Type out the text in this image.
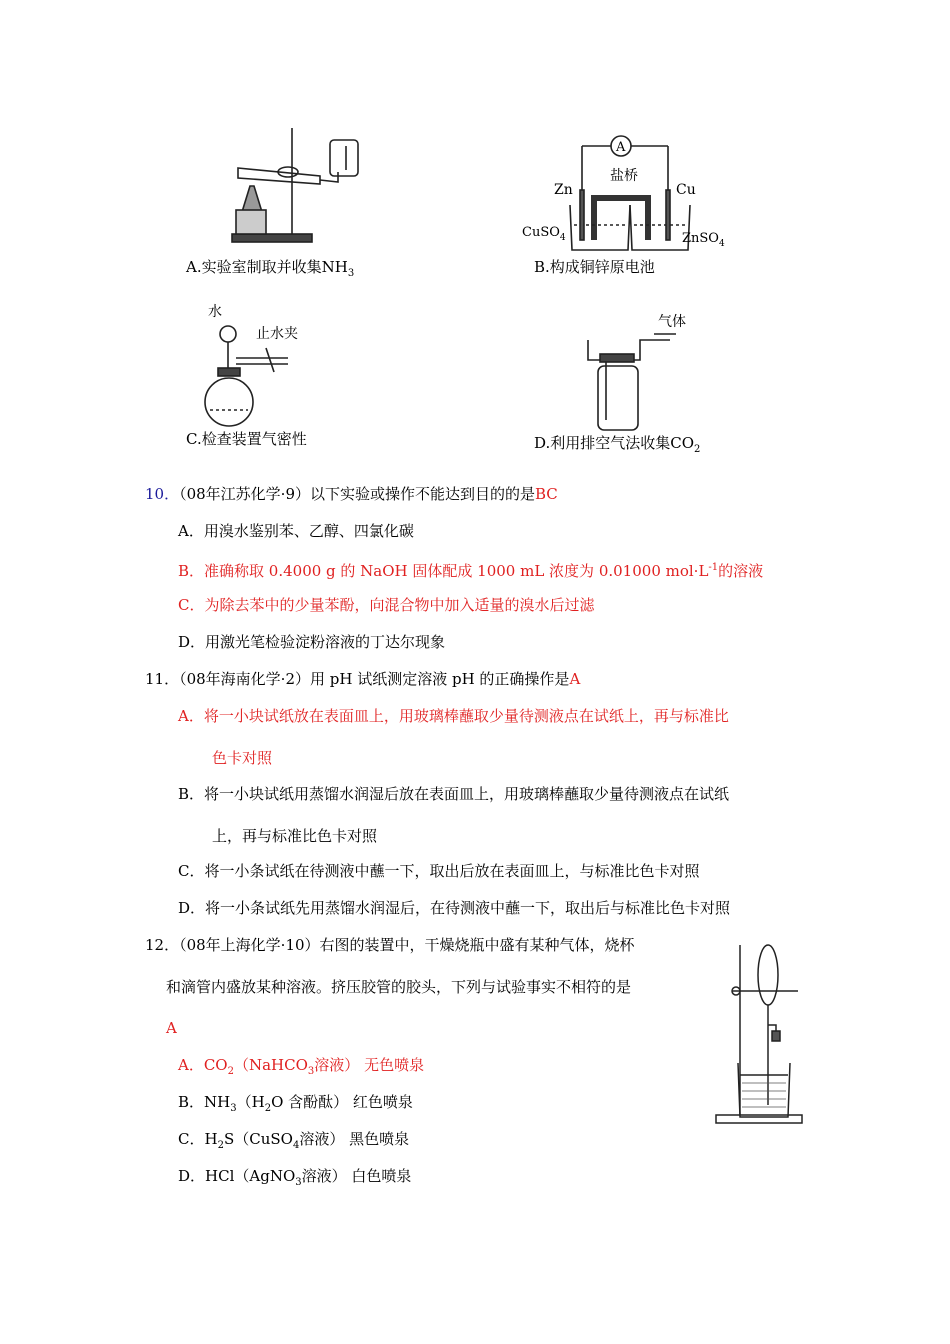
A.实验室制取并收集$NH_3$	B.构成铜锌原电池
C.检查装置气密性	D.利用排空气法收集$CO_2$
A
盐桥
Zn	Cu
CuSO$_4$	ZnSO$_4$
水
止水夹
气体
10．（08年江苏化学·9）以下实验或操作不能达到目的的是BC
A．用溴水鉴别苯、乙醇、四氯化碳
B．准确称取 0.4000 g 的 NaOH 固体配成 1000 mL 浓度为 0.01000 $mol\cdot L^{-1}$的溶液
C．为除去苯中的少量苯酚，向混合物中加入适量的溴水后过滤
D．用激光笔检验淀粉溶液的丁达尔现象
11．（08年海南化学·2）用 pH 试纸测定溶液 pH 的正确操作是A
A．将一小块试纸放在表面皿上，用玻璃棒蘸取少量待测液点在试纸上，再与标准比
色卡对照
B．将一小块试纸用蒸馏水润湿后放在表面皿上，用玻璃棒蘸取少量待测液点在试纸
上，再与标准比色卡对照
C．将一小条试纸在待测液中蘸一下，取出后放在表面皿上，与标准比色卡对照
D．将一小条试纸先用蒸馏水润湿后，在待测液中蘸一下，取出后与标准比色卡对照
12．（08年上海化学·10）右图的装置中，干燥烧瓶中盛有某种气体，烧杯
和滴管内盛放某种溶液。挤压胶管的胶头，下列与试验事实不相符的是
A
A．$CO_2(NaHCO_3$溶液） 无色喷泉
B．$NH_3(H_2O$ 含酚酞） 红色喷泉
C．$H_2S(CuSO_4$溶液） 黑色喷泉
D．HCl（AgNO$_3$溶液） 白色喷泉
